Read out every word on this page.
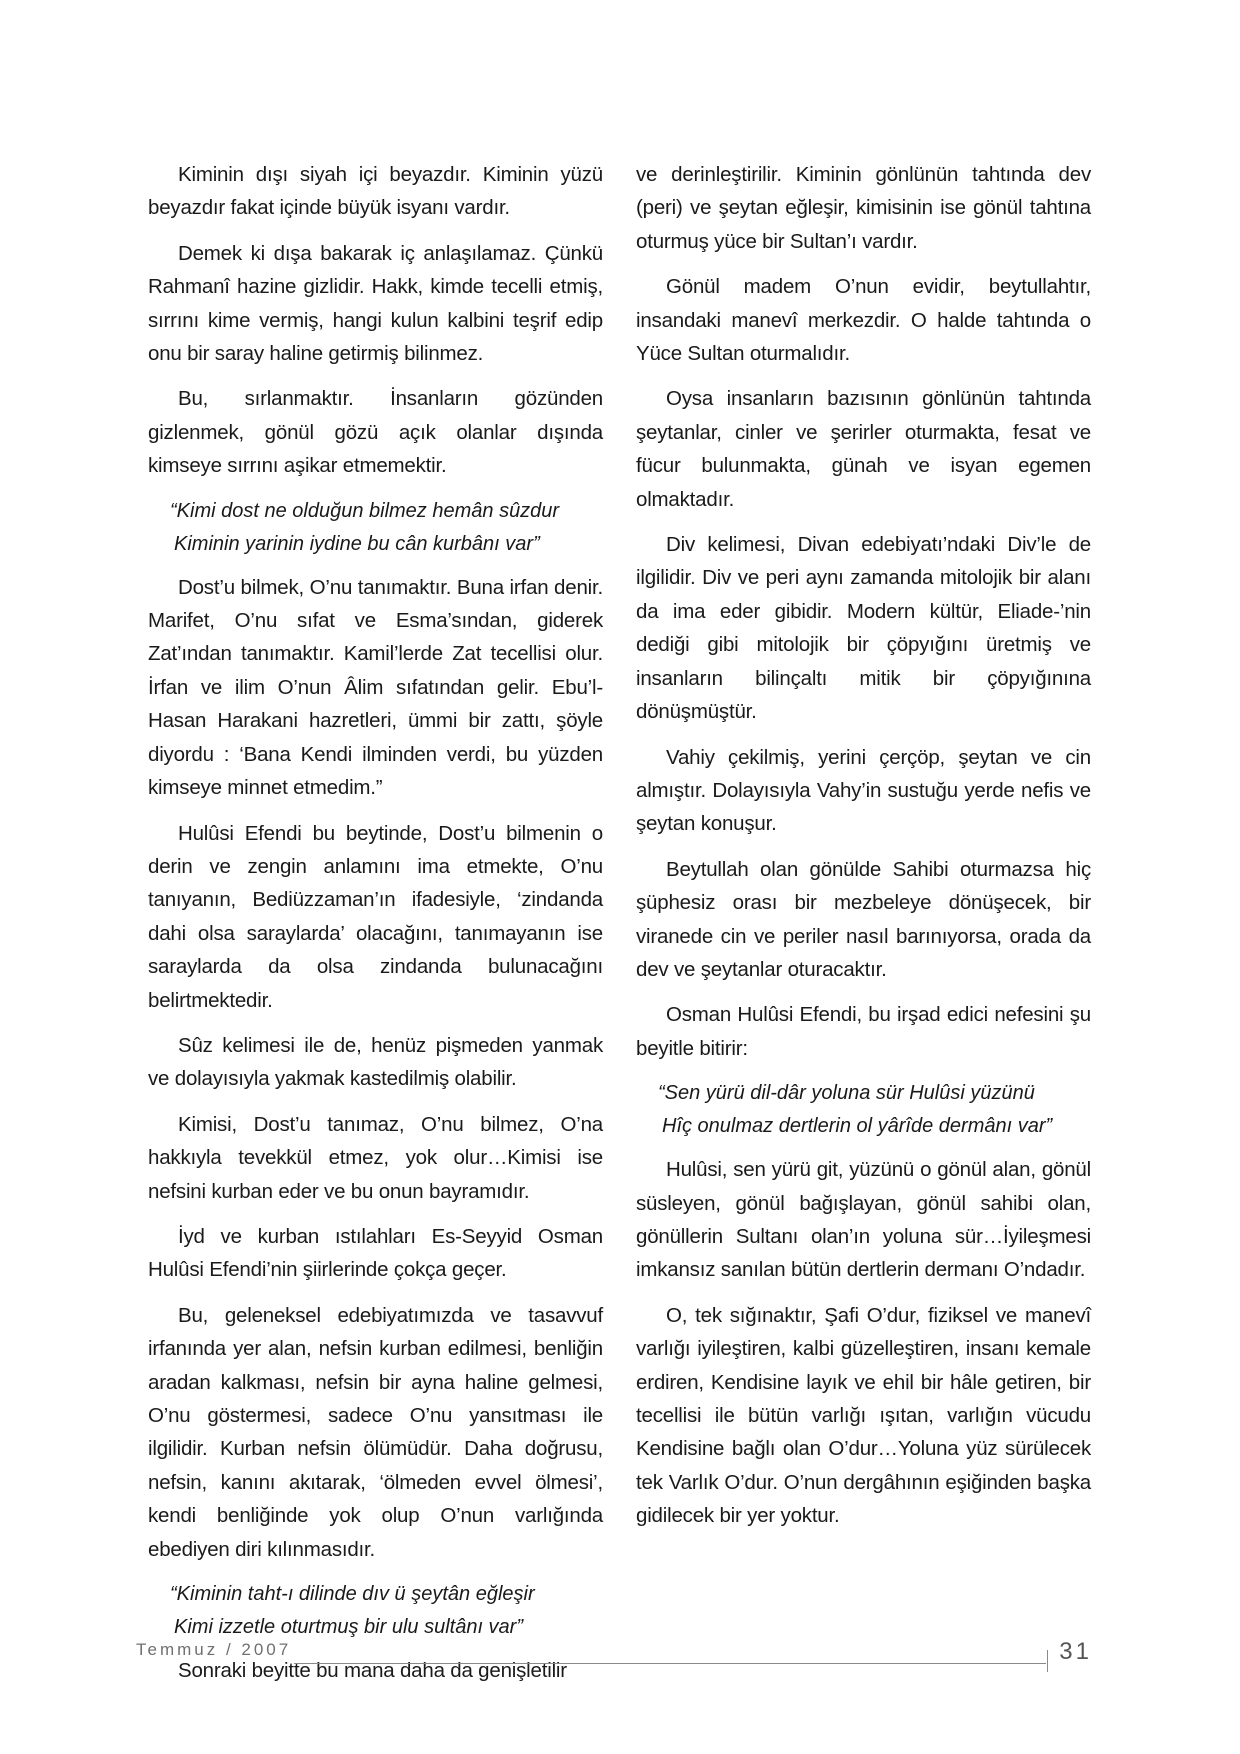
Kiminin dışı siyah içi beyazdır. Kiminin yüzü beyazdır fakat içinde büyük isyanı vardır.

Demek ki dışa bakarak iç anlaşılamaz. Çünkü Rahmanî hazine gizlidir. Hakk, kimde tecelli etmiş, sırrını kime vermiş, hangi kulun kalbini teşrif edip onu bir saray haline getirmiş bilinmez.

Bu, sırlanmaktır. İnsanların gözünden gizlenmek, gönül gözü açık olanlar dışında kimseye sırrını aşikar etmemektir.

“Kimi dost ne olduğun bilmez hemân sûzdur
Kiminin yarinin iydine bu cân kurbânı var”

Dost’u bilmek, O’nu tanımaktır. Buna irfan denir. Marifet, O’nu sıfat ve Esma’sından, giderek Zat’ından tanımaktır. Kamil’lerde Zat tecellisi olur. İrfan ve ilim O’nun Âlim sıfatından gelir. Ebu’l-Hasan Harakani hazretleri, ümmi bir zattı, şöyle diyordu : ‘Bana Kendi ilminden verdi, bu yüzden kimseye minnet etmedim.”

Hulûsi Efendi bu beytinde, Dost’u bilmenin o derin ve zengin anlamını ima etmekte, O’nu tanıyanın, Bediüzzaman’ın ifadesiyle, ‘zindanda dahi olsa saraylarda’ olacağını, tanımayanın ise saraylarda da olsa zindanda bulunacağını belirtmektedir.

Sûz kelimesi ile de, henüz pişmeden yanmak ve dolayısıyla yakmak kastedilmiş olabilir.

Kimisi, Dost’u tanımaz, O’nu bilmez, O’na hakkıyla tevekkül etmez, yok olur…Kimisi ise nefsini kurban eder ve bu onun bayramıdır.

İyd ve kurban ıstılahları Es-Seyyid Osman Hulûsi Efendi’nin şiirlerinde çokça geçer.

Bu, geleneksel edebiyatımızda ve tasavvuf irfanında yer alan, nefsin kurban edilmesi, benliğin aradan kalkması, nefsin bir ayna haline gelmesi, O’nu göstermesi, sadece O’nu yansıtması ile ilgilidir. Kurban nefsin ölümüdür. Daha doğrusu, nefsin, kanını akıtarak, ‘ölmeden evvel ölmesi’, kendi benliğinde yok olup O’nun varlığında ebediyen diri kılınmasıdır.

“Kiminin taht-ı dilinde dıv ü şeytân eğleşir
Kimi izzetle oturtmuş bir ulu sultânı var”

Sonraki beyitte bu mana daha da genişletilir

ve derinleştirilir. Kiminin gönlünün tahtında dev (peri) ve şeytan eğleşir, kimisinin ise gönül tahtına oturmuş yüce bir Sultan’ı vardır.

Gönül madem O’nun evidir, beytullahtır, insandaki manevî merkezdir. O halde tahtında o Yüce Sultan oturmalıdır.

Oysa insanların bazısının gönlünün tahtında şeytanlar, cinler ve şerirler oturmakta, fesat ve fücur bulunmakta, günah ve isyan egemen olmaktadır.

Div kelimesi, Divan edebiyatı’ndaki Div’le de ilgilidir. Div ve peri aynı zamanda mitolojik bir alanı da ima eder gibidir. Modern kültür, Eliade-’nin dediği gibi mitolojik bir çöpyığını üretmiş ve insanların bilinçaltı mitik bir çöpyığınına dönüşmüştür.

Vahiy çekilmiş, yerini çerçöp, şeytan ve cin almıştır. Dolayısıyla Vahy’in sustuğu yerde nefis ve şeytan konuşur.

Beytullah olan gönülde Sahibi oturmazsa hiç şüphesiz orası bir mezbeleye dönüşecek, bir viranede cin ve periler nasıl barınıyorsa, orada da dev ve şeytanlar oturacaktır.

Osman Hulûsi Efendi, bu irşad edici nefesini şu beyitle bitirir:

“Sen yürü dil-dâr yoluna sür Hulûsi yüzünü
Hîç onulmaz dertlerin ol yârîde dermânı var”

Hulûsi, sen yürü git, yüzünü o gönül alan, gönül süsleyen, gönül bağışlayan, gönül sahibi olan, gönüllerin Sultanı olan’ın yoluna sür…İyileşmesi imkansız sanılan bütün dertlerin dermanı O’ndadır.

O, tek sığınaktır, Şafi O’dur, fiziksel ve manevî varlığı iyileştiren, kalbi güzelleştiren, insanı kemale erdiren, Kendisine layık ve ehil bir hâle getiren, bir tecellisi ile bütün varlığı ışıtan, varlığın vücudu Kendisine bağlı olan O’dur…Yoluna yüz sürülecek tek Varlık O’dur. O’nun dergâhının eşiğinden başka gidilecek bir yer yoktur.

Temmuz / 2007	31
